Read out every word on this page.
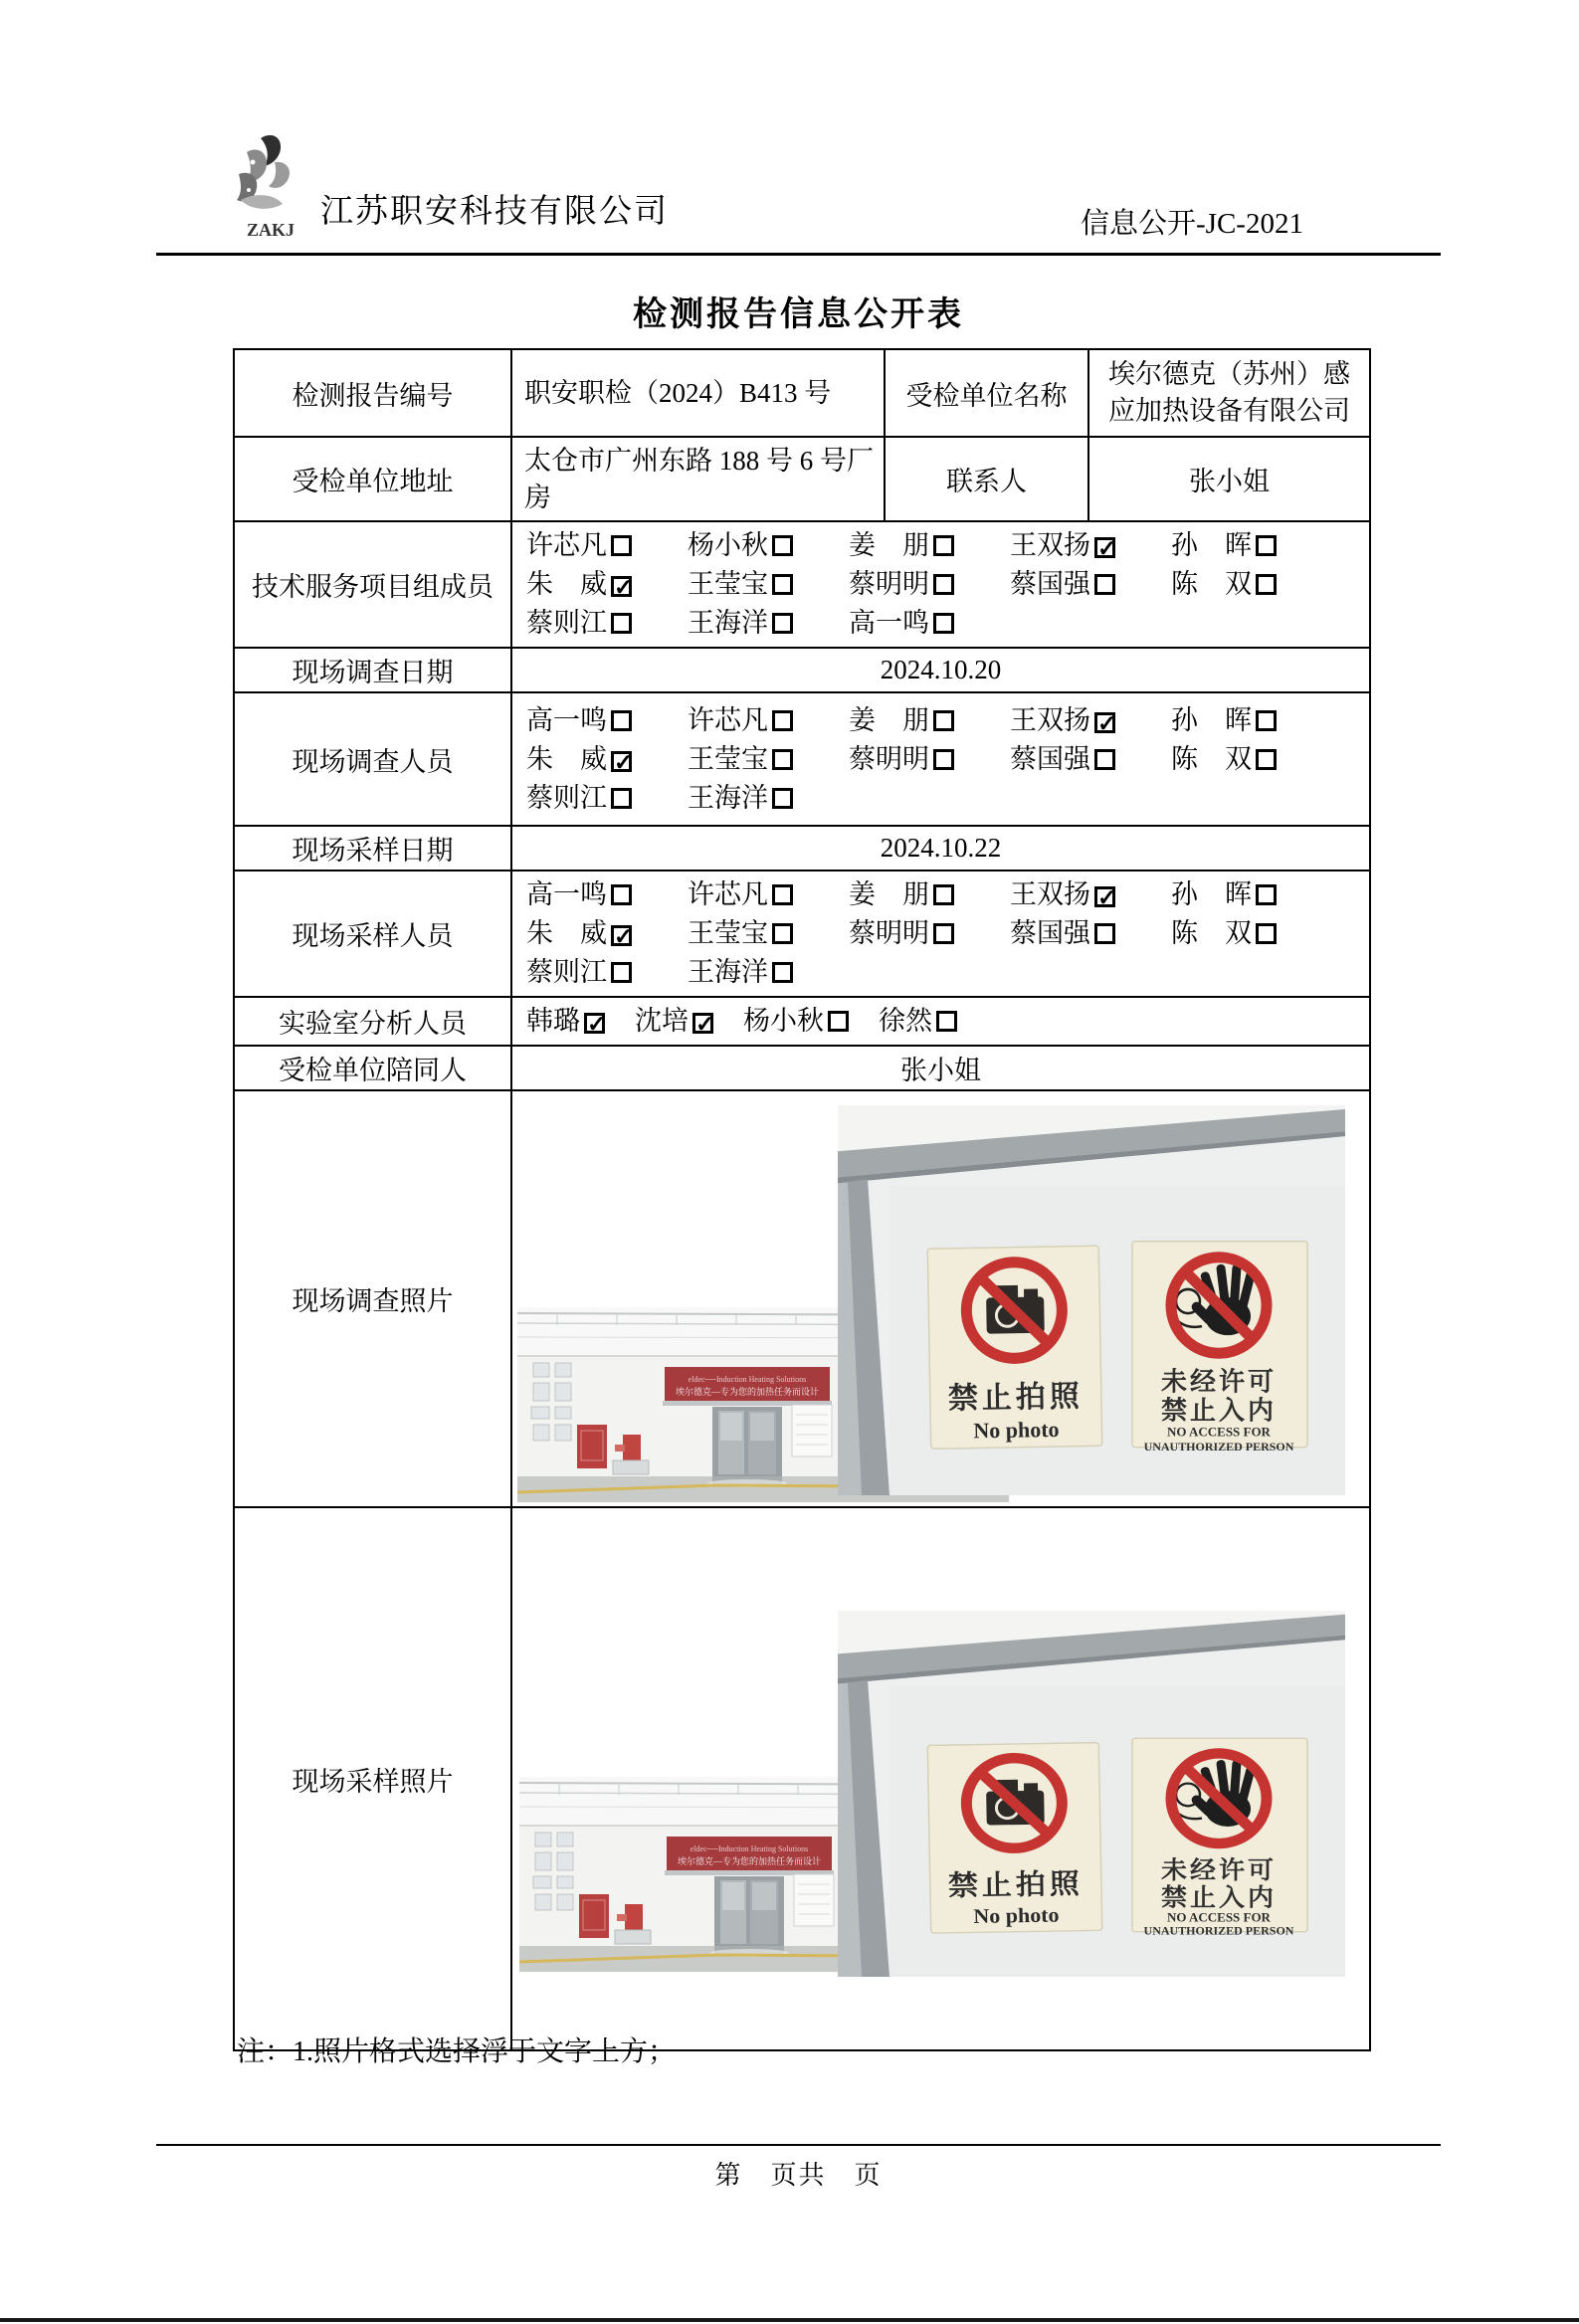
ZAKJ 江苏职安科技有限公司	信息公开-JC-2021
检测报告信息公开表
检测报告编号	职安职检（2024）B413 号	受检单位名称	埃尔德克（苏州）感应加热设备有限公司
受检单位地址	太仓市广州东路 188 号 6 号厂房	联系人	张小姐
技术服务项目组成员	许芯凡 杨小秋 姜　朋 王双扬 ✓ 孙　晖
朱　威 ✓ 王莹宝 蔡明明 蔡国强 陈　双
蔡则江 王海洋 高一鸣		

现场调查日期	2024.10.20		
现场调查人员	高一鸣 许芯凡 姜　朋 王双扬 ✓ 孙　晖
朱　威 ✓ 王莹宝 蔡明明 蔡国强 陈　双
蔡则江 王海洋		

现场采样日期	2024.10.22		
现场采样人员	高一鸣 许芯凡 姜　朋 王双扬 ✓ 孙　晖
朱　威 ✓ 王莹宝 蔡明明 蔡国强 陈　双
蔡则江 王海洋		

实验室分析人员	韩璐 ✓ 沈培 ✓ 杨小秋 徐然		

受检单位陪同人	张小姐		
现场调查照片	

现场采样照片	
注：1.照片格式选择浮于文字上方；
第　页共　页
